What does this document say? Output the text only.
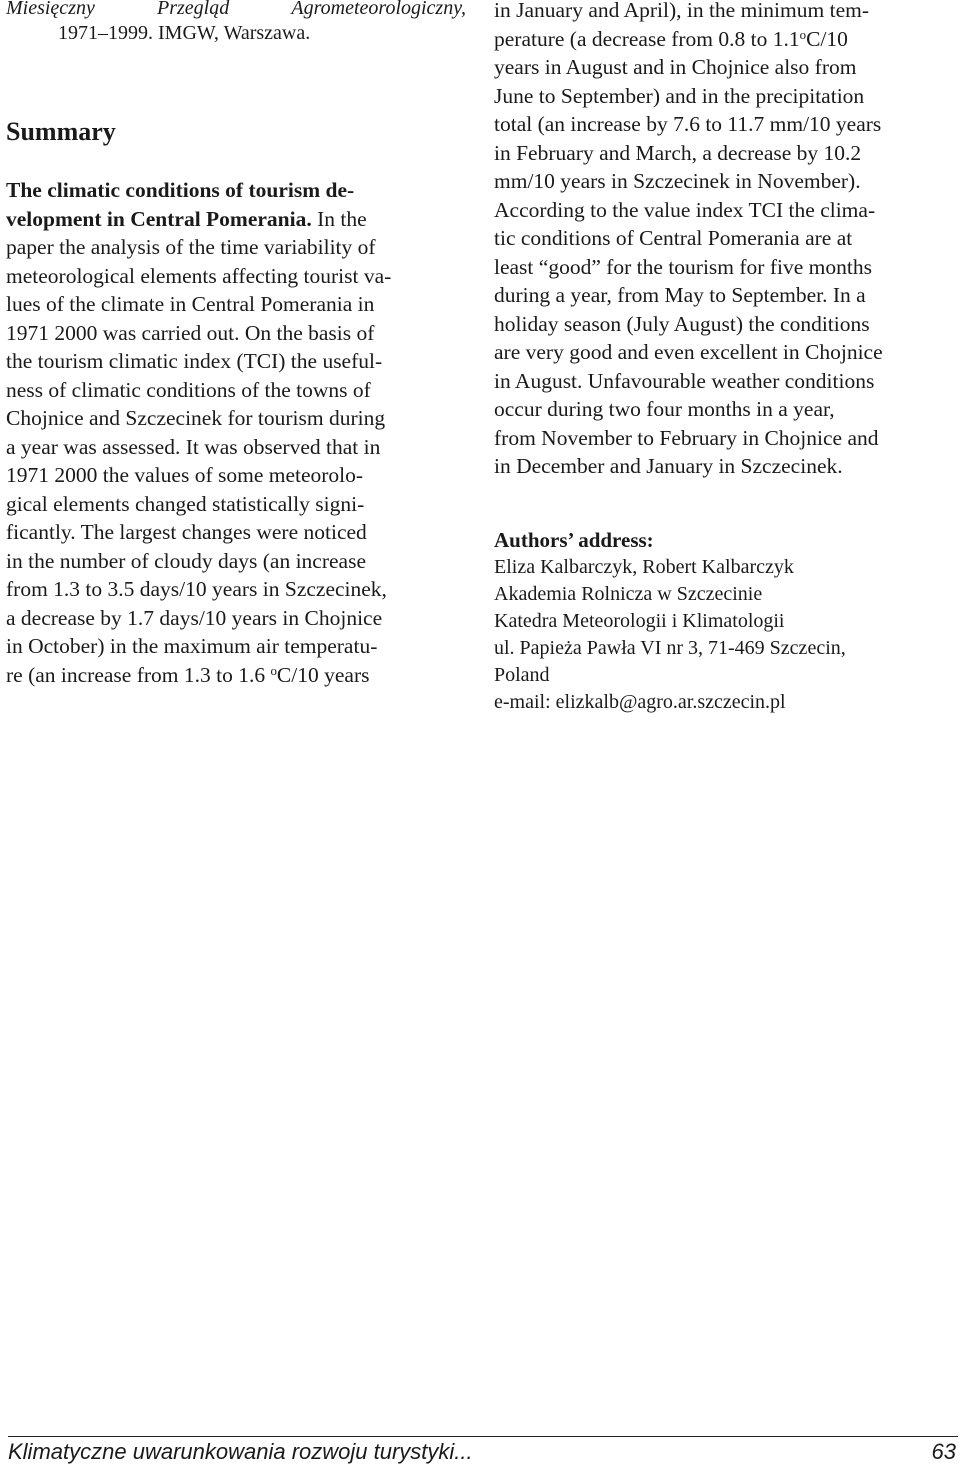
Miesięczny	Przegląd	Agrometeorologiczny,
1971–1999. IMGW, Warszawa.
Summary
The climatic conditions of tourism de-
velopment in Central Pomerania. In the
paper the analysis of the time variability of
meteorological elements affecting tourist va-
lues of the climate in Central Pomerania in
1971 2000 was carried out. On the basis of
the tourism climatic index (TCI) the useful-
ness of climatic conditions of the towns of
Chojnice and Szczecinek for tourism during
a year was assessed. It was observed that in
1971 2000 the values of some meteorolo-
gical elements changed statistically signi-
ficantly. The largest changes were noticed
in the number of cloudy days (an increase
from 1.3 to 3.5 days/10 years in Szczecinek,
a decrease by 1.7 days/10 years in Chojnice
in October) in the maximum air temperatu-
re (an increase from 1.3 to 1.6 $^o$C/10 years
in January and April), in the minimum tem-
perature (a decrease from 0.8 to 1.1$^o$C/10
years in August and in Chojnice also from
June to September) and in the precipitation
total (an increase by 7.6 to 11.7 mm/10 years
in February and March, a decrease by 10.2
mm/10 years in Szczecinek in November).
According to the value index TCI the clima-
tic conditions of Central Pomerania are at
least “good” for the tourism for five months
during a year, from May to September. In a
holiday season (July August) the conditions
are very good and even excellent in Chojnice
in August. Unfavourable weather conditions
occur during two four months in a year,
from November to February in Chojnice and
in December and January in Szczecinek.
Authors’ address:
Eliza Kalbarczyk, Robert Kalbarczyk
Akademia Rolnicza w Szczecinie
Katedra Meteorologii i Klimatologii
ul. Papieża Pawła VI nr 3, 71-469 Szczecin,
Poland
e-mail: elizkalb@agro.ar.szczecin.pl
Klimatyczne uwarunkowania rozwoju turystyki...	63
